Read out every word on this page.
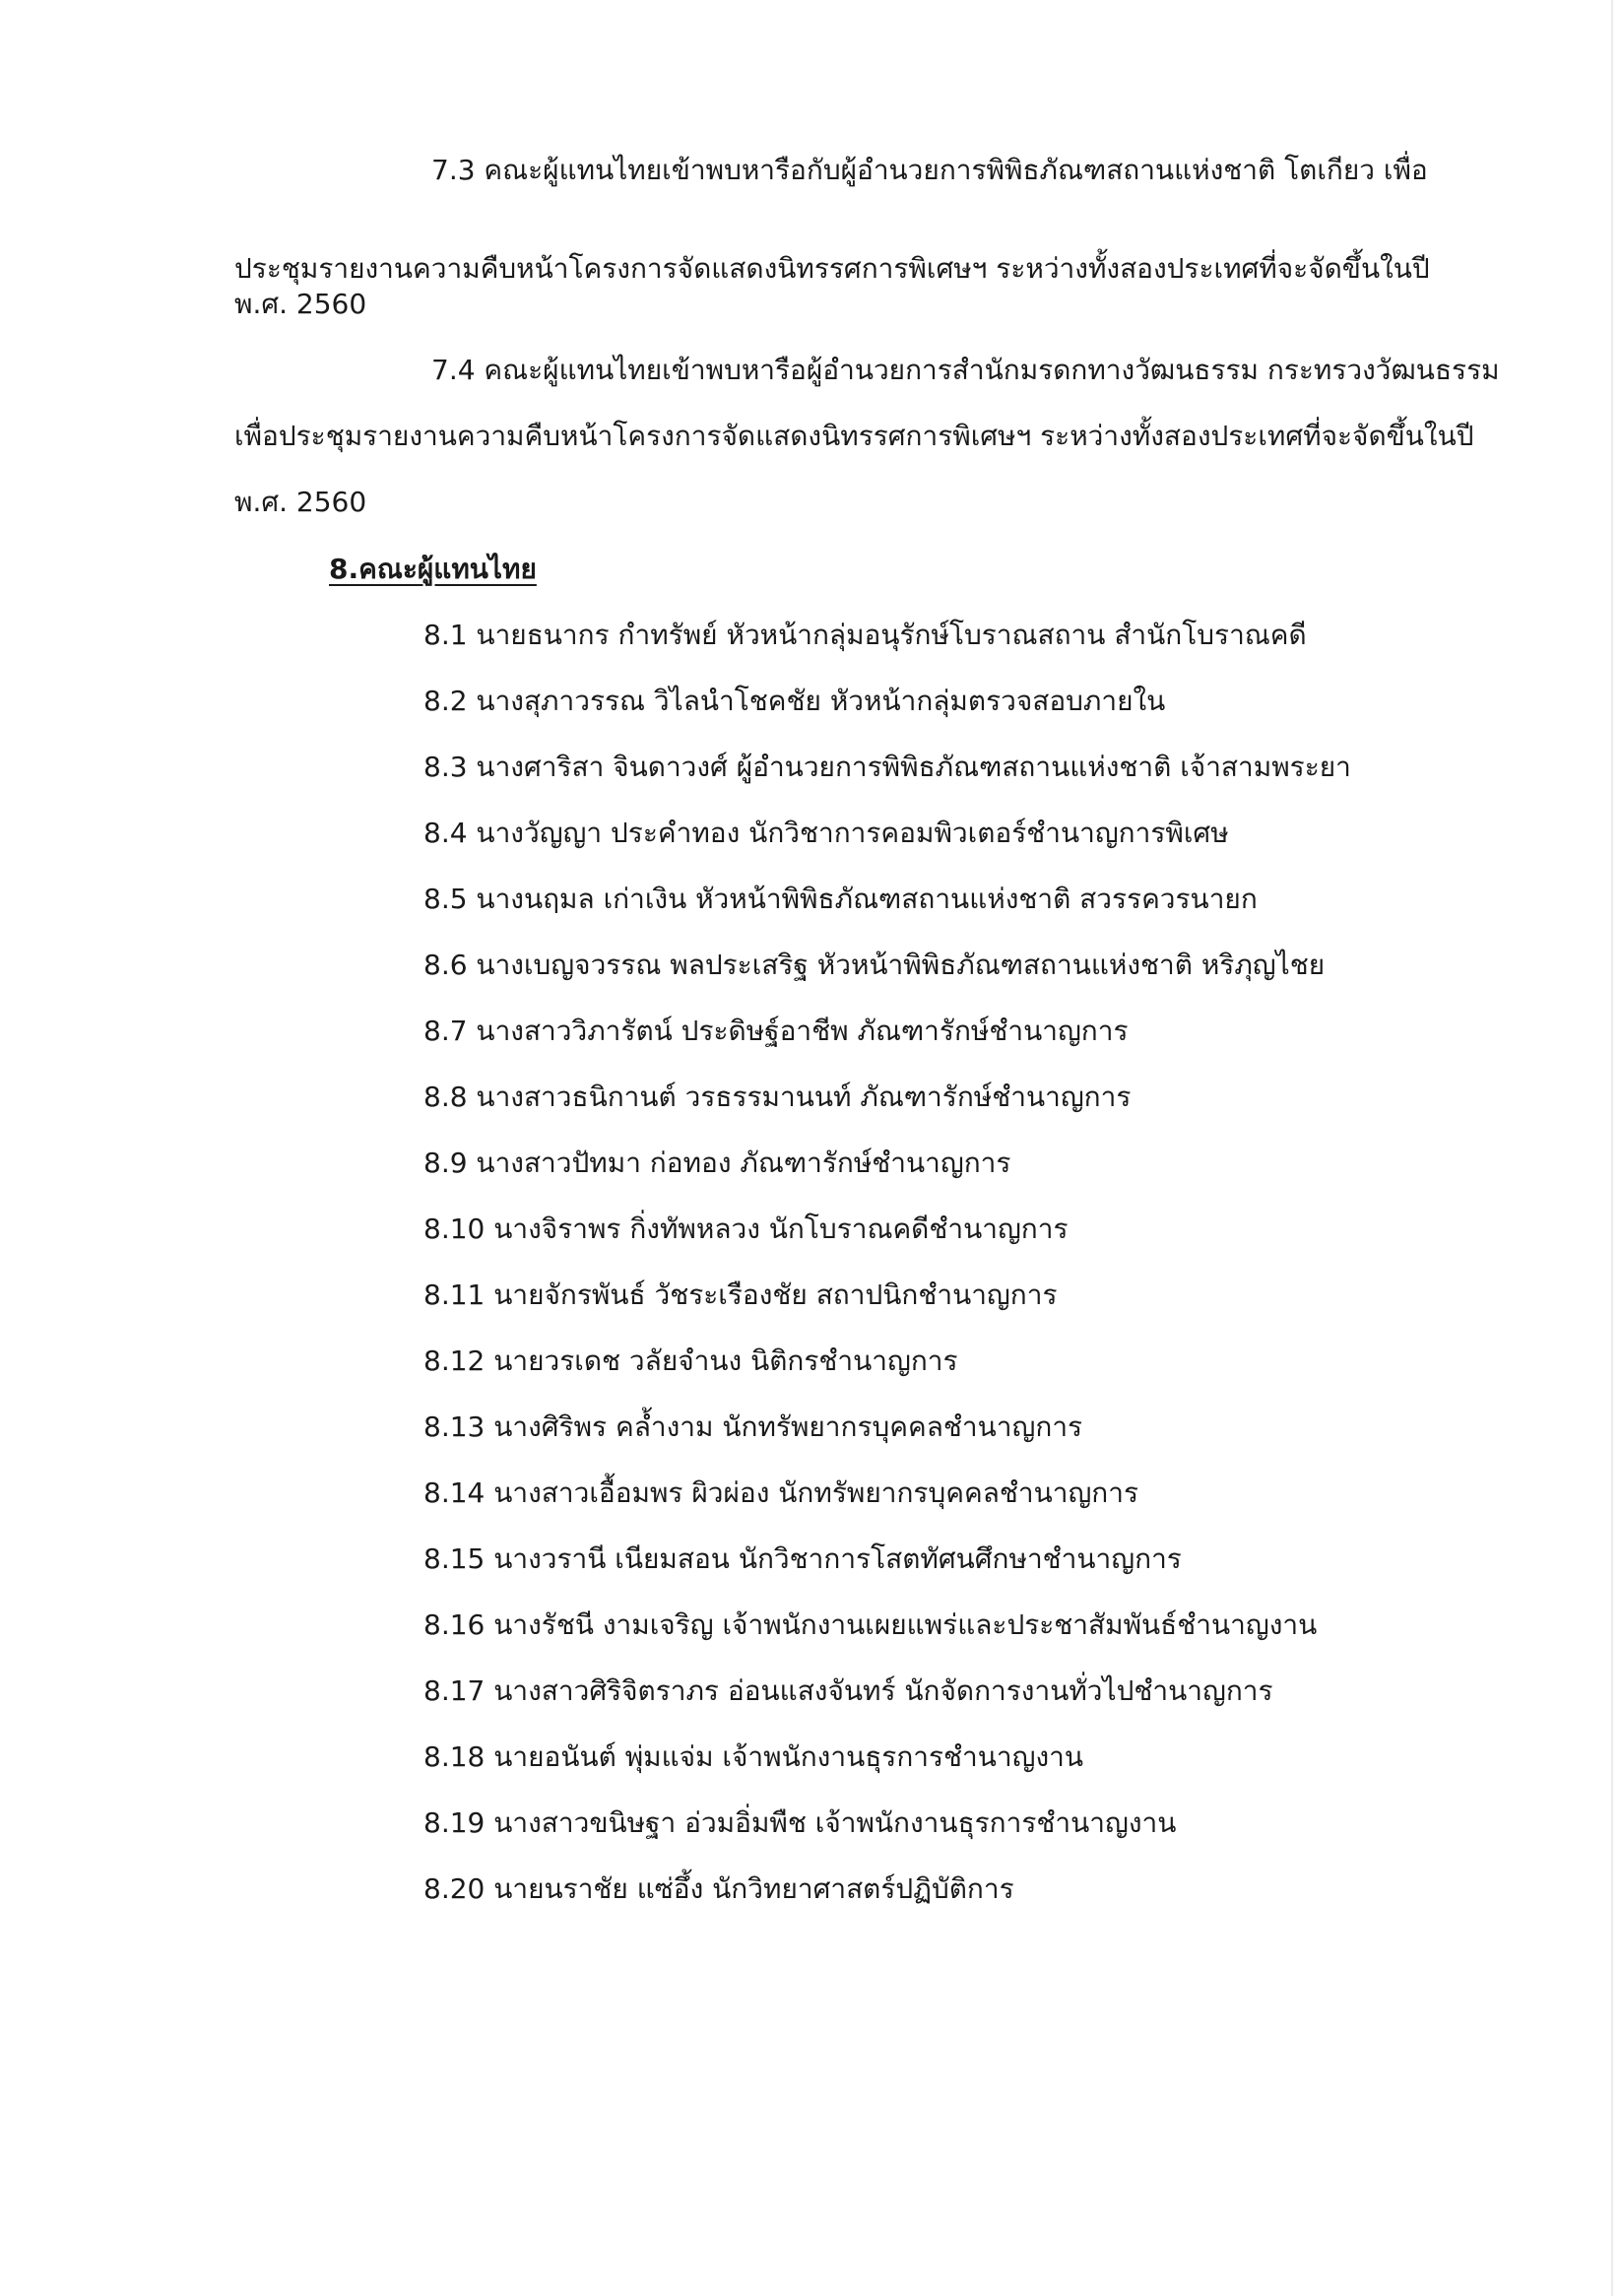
7.3 คณะผู้แทนไทยเข้าพบหารือกับผู้อำนวยการพิพิธภัณฑสถานแห่งชาติ โตเกียว เพื่อ
ประชุมรายงานความคืบหน้าโครงการจัดแสดงนิทรรศการพิเศษฯ ระหว่างทั้งสองประเทศที่จะจัดขึ้นในปี
พ.ศ. 2560
7.4 คณะผู้แทนไทยเข้าพบหารือผู้อำนวยการสำนักมรดกทางวัฒนธรรม กระทรวงวัฒนธรรม
เพื่อประชุมรายงานความคืบหน้าโครงการจัดแสดงนิทรรศการพิเศษฯ ระหว่างทั้งสองประเทศที่จะจัดขึ้นในปี
พ.ศ. 2560
8.คณะผู้แทนไทย
8.1 นายธนากร กำทรัพย์ หัวหน้ากลุ่มอนุรักษ์โบราณสถาน สำนักโบราณคดี
8.2 นางสุภาวรรณ วิไลนำโชคชัย หัวหน้ากลุ่มตรวจสอบภายใน
8.3 นางศาริสา จินดาวงศ์ ผู้อำนวยการพิพิธภัณฑสถานแห่งชาติ เจ้าสามพระยา
8.4 นางวัญญา ประคำทอง นักวิชาการคอมพิวเตอร์ชำนาญการพิเศษ
8.5 นางนฤมล เก่าเงิน หัวหน้าพิพิธภัณฑสถานแห่งชาติ สวรรควรนายก
8.6 นางเบญจวรรณ พลประเสริฐ หัวหน้าพิพิธภัณฑสถานแห่งชาติ หริภุญไชย
8.7 นางสาววิภารัตน์ ประดิษฐ์อาชีพ ภัณฑารักษ์ชำนาญการ
8.8 นางสาวธนิกานต์ วรธรรมานนท์ ภัณฑารักษ์ชำนาญการ
8.9 นางสาวปัทมา ก่อทอง ภัณฑารักษ์ชำนาญการ
8.10 นางจิราพร กิ่งทัพหลวง นักโบราณคดีชำนาญการ
8.11 นายจักรพันธ์ วัชระเรืองชัย สถาปนิกชำนาญการ
8.12 นายวรเดช วลัยจำนง นิติกรชำนาญการ
8.13 นางศิริพร คล้ำงาม นักทรัพยากรบุคคลชำนาญการ
8.14 นางสาวเอื้อมพร ผิวผ่อง นักทรัพยากรบุคคลชำนาญการ
8.15 นางวรานี เนียมสอน นักวิชาการโสตทัศนศึกษาชำนาญการ
8.16 นางรัชนี งามเจริญ เจ้าพนักงานเผยแพร่และประชาสัมพันธ์ชำนาญงาน
8.17 นางสาวศิริจิตราภร อ่อนแสงจันทร์ นักจัดการงานทั่วไปชำนาญการ
8.18 นายอนันต์ พุ่มแจ่ม เจ้าพนักงานธุรการชำนาญงาน
8.19 นางสาวขนิษฐา อ่วมอิ่มพืช เจ้าพนักงานธุรการชำนาญงาน
8.20 นายนราชัย แซ่อึ้ง นักวิทยาศาสตร์ปฏิบัติการ
